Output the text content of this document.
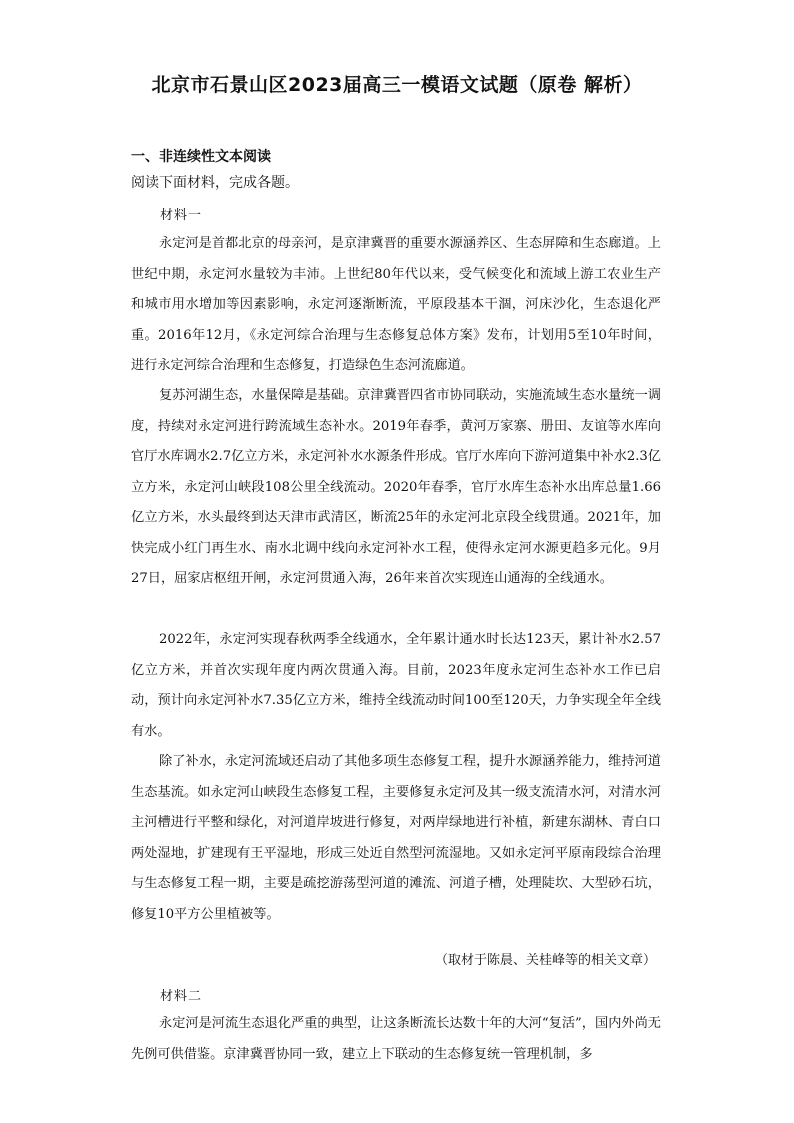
北京市石景山区2023届高三一模语文试题（原卷 解析）
一、非连续性文本阅读
阅读下面材料，完成各题。
材料一

永定河是首都北京的母亲河，是京津冀晋的重要水源涵养区、生态屏障和生态廊道。上世纪中期，永定河水量较为丰沛。上世纪80年代以来，受气候变化和流域上游工农业生产和城市用水增加等因素影响，永定河逐渐断流，平原段基本干涸，河床沙化，生态退化严重。2016年12月，《永定河综合治理与生态修复总体方案》发布，计划用5至10年时间，进行永定河综合治理和生态修复，打造绿色生态河流廊道。

复苏河湖生态，水量保障是基础。京津冀晋四省市协同联动，实施流域生态水量统一调度，持续对永定河进行跨流域生态补水。2019年春季，黄河万家寨、册田、友谊等水库向官厅水库调水2.7亿立方米，永定河补水水源条件形成。官厅水库向下游河道集中补水2.3亿立方米，永定河山峡段108公里全线流动。2020年春季，官厅水库生态补水出库总量1.66亿立方米，水头最终到达天津市武清区，断流25年的永定河北京段全线贯通。2021年，加快完成小红门再生水、南水北调中线向永定河补水工程，使得永定河水源更趋多元化。9月27日，屈家店枢纽开闸，永定河贯通入海，26年来首次实现连山通海的全线通水。

2022年，永定河实现春秋两季全线通水，全年累计通水时长达123天，累计补水2.57亿立方米，并首次实现年度内两次贯通入海。目前，2023年度永定河生态补水工作已启动，预计向永定河补水7.35亿立方米，维持全线流动时间100至120天，力争实现全年全线有水。

除了补水，永定河流域还启动了其他多项生态修复工程，提升水源涵养能力，维持河道生态基流。如永定河山峡段生态修复工程，主要修复永定河及其一级支流清水河，对清水河主河槽进行平整和绿化，对河道岸坡进行修复，对两岸绿地进行补植，新建东湖林、青白口两处湿地，扩建现有王平湿地，形成三处近自然型河流湿地。又如永定河平原南段综合治理与生态修复工程一期，主要是疏挖游荡型河道的滩流、河道子槽，处理陡坎、大型砂石坑，修复10平方公里植被等。

（取材于陈晨、关桂峰等的相关文章）
材料二

永定河是河流生态退化严重的典型，让这条断流长达数十年的大河“复活”，国内外尚无先例可供借鉴。京津冀晋协同一致，建立上下联动的生态修复统一管理机制，多
